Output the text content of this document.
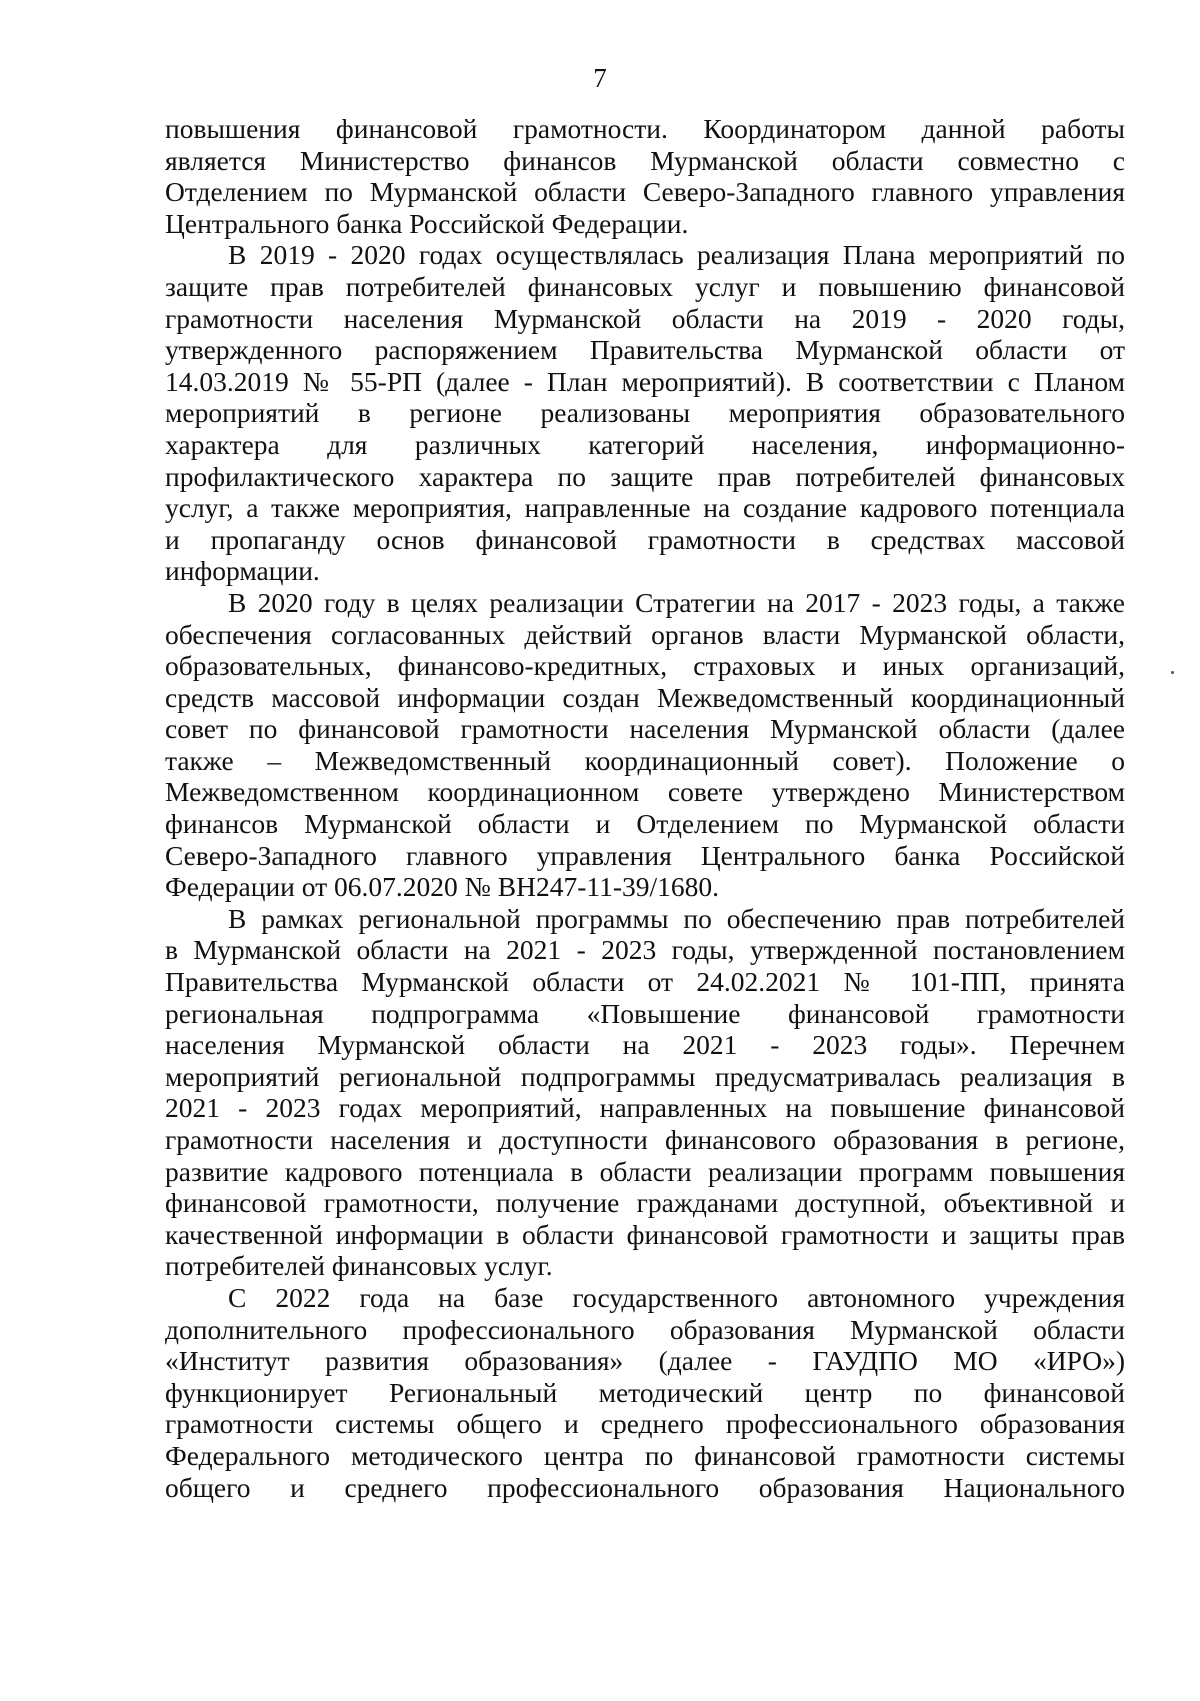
7

повышения финансовой грамотности. Координатором данной работы
является Министерство финансов Мурманской области совместно с
Отделением по Мурманской области Северо-Западного главного управления
Центрального банка Российской Федерации.

В 2019 - 2020 годах осуществлялась реализация Плана мероприятий по
защите прав потребителей финансовых услуг и повышению финансовой
грамотности населения Мурманской области на 2019 - 2020 годы,
утвержденного распоряжением Правительства Мурманской области от
14.03.2019 № 55-РП (далее - План мероприятий). В соответствии с Планом
мероприятий в регионе реализованы мероприятия образовательного
характера для различных категорий населения, информационно-
профилактического характера по защите прав потребителей финансовых
услуг, а также мероприятия, направленные на создание кадрового потенциала
и пропаганду основ финансовой грамотности в средствах массовой
информации.

В 2020 году в целях реализации Стратегии на 2017 - 2023 годы, а также
обеспечения согласованных действий органов власти Мурманской области,
образовательных, финансово-кредитных, страховых и иных организаций,
средств массовой информации создан Межведомственный координационный
совет по финансовой грамотности населения Мурманской области (далее
также – Межведомственный координационный совет). Положение о
Межведомственном координационном совете утверждено Министерством
финансов Мурманской области и Отделением по Мурманской области
Северо-Западного главного управления Центрального банка Российской
Федерации от 06.07.2020 № ВН247-11-39/1680.

В рамках региональной программы по обеспечению прав потребителей
в Мурманской области на 2021 - 2023 годы, утвержденной постановлением
Правительства Мурманской области от 24.02.2021 № 101-ПП, принята
региональная подпрограмма «Повышение финансовой грамотности
населения Мурманской области на 2021 - 2023 годы». Перечнем
мероприятий региональной подпрограммы предусматривалась реализация в
2021 - 2023 годах мероприятий, направленных на повышение финансовой
грамотности населения и доступности финансового образования в регионе,
развитие кадрового потенциала в области реализации программ повышения
финансовой грамотности, получение гражданами доступной, объективной и
качественной информации в области финансовой грамотности и защиты прав
потребителей финансовых услуг.

С 2022 года на базе государственного автономного учреждения
дополнительного профессионального образования Мурманской области
«Институт развития образования» (далее - ГАУДПО МО «ИРО»)
функционирует Региональный методический центр по финансовой
грамотности системы общего и среднего профессионального образования
Федерального методического центра по финансовой грамотности системы
общего и среднего профессионального образования Национального
